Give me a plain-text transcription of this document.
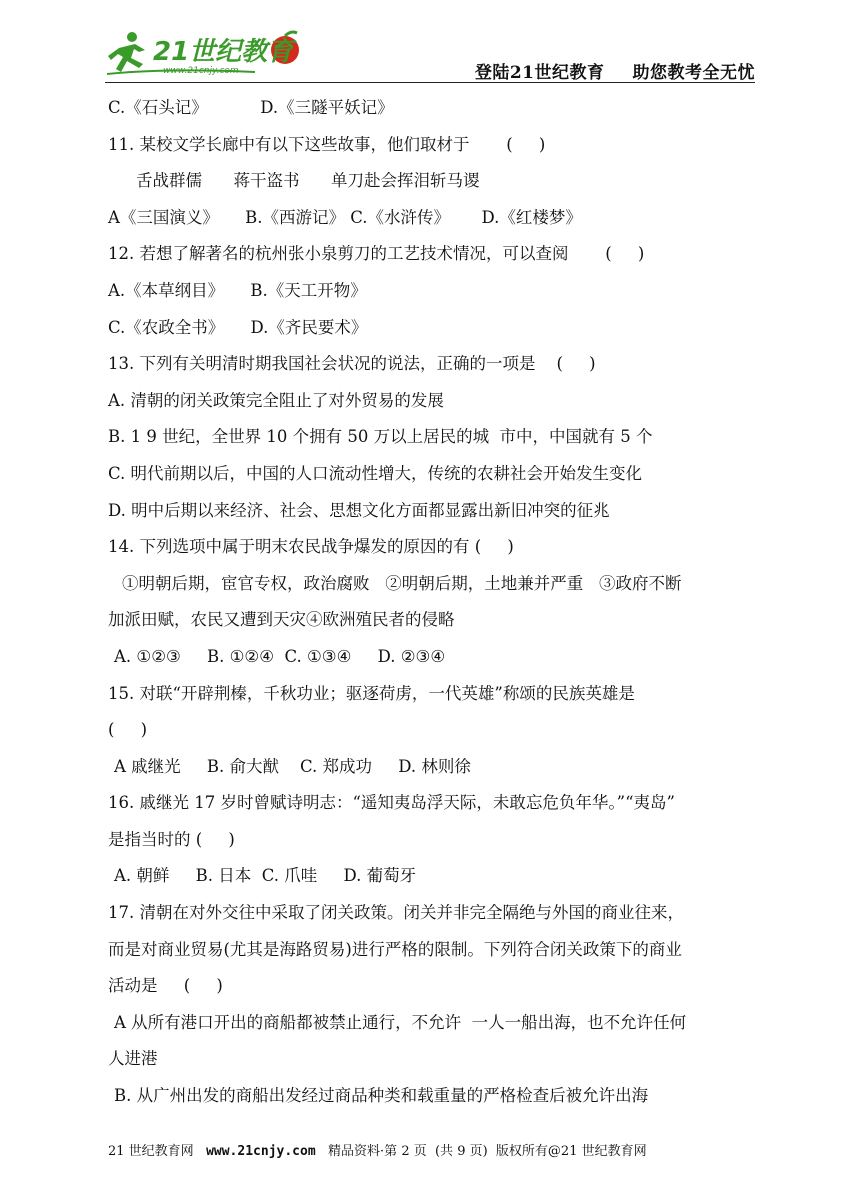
21世纪教育
www.21cnjy.com	登陆21世纪教育 助您教考全无忧
C.《石头记》          D.《三隧平妖记》
11. 某校文学长廊中有以下这些故事，他们取材于       (     )
舌战群儒      蒋干盗书      单刀赴会挥泪斩马谡
A《三国演义》     B.《西游记》 C.《水浒传》      D.《红楼梦》
12. 若想了解著名的杭州张小泉剪刀的工艺技术情况，可以查阅       (     )
A.《本草纲目》     B.《天工开物》
C.《农政全书》     D.《齐民要术》
13. 下列有关明清时期我国社会状况的说法，正确的一项是    (     )
A. 清朝的闭关政策完全阻止了对外贸易的发展
B. 1 9 世纪，全世界 10 个拥有 50 万以上居民的城  市中，中国就有 5 个
C. 明代前期以后，中国的人口流动性增大，传统的农耕社会开始发生变化
D. 明中后期以来经济、社会、思想文化方面都显露出新旧冲突的征兆
14. 下列选项中属于明末农民战争爆发的原因的有 (     )
①明朝后期，宦官专权，政治腐败   ②明朝后期，土地兼并严重   ③政府不断
加派田赋，农民又遭到天灾④欧洲殖民者的侵略
A. ①②③     B. ①②④  C. ①③④     D. ②③④
15. 对联“开辟荆榛，千秋功业；驱逐荷虏，一代英雄”称颂的民族英雄是
(     )
A 戚继光     B. 俞大猷    C. 郑成功     D. 林则徐
16. 戚继光 17 岁时曾赋诗明志：“遥知夷岛浮天际，未敢忘危负年华。”“夷岛”
是指当时的 (     )
A. 朝鲜     B. 日本  C. 爪哇     D. 葡萄牙
17. 清朝在对外交往中采取了闭关政策。闭关并非完全隔绝与外国的商业往来，
而是对商业贸易(尤其是海路贸易)进行严格的限制。下列符合闭关政策下的商业
活动是     (     )
A 从所有港口开出的商船都被禁止通行，不允许  一人一船出海，也不允许任何
人进港
B. 从广州出发的商船出发经过商品种类和载重量的严格检查后被允许出海
21 世纪教育网   www.21cnjy.com   精品资料·第 2 页  (共 9 页)  版权所有@21 世纪教育网
